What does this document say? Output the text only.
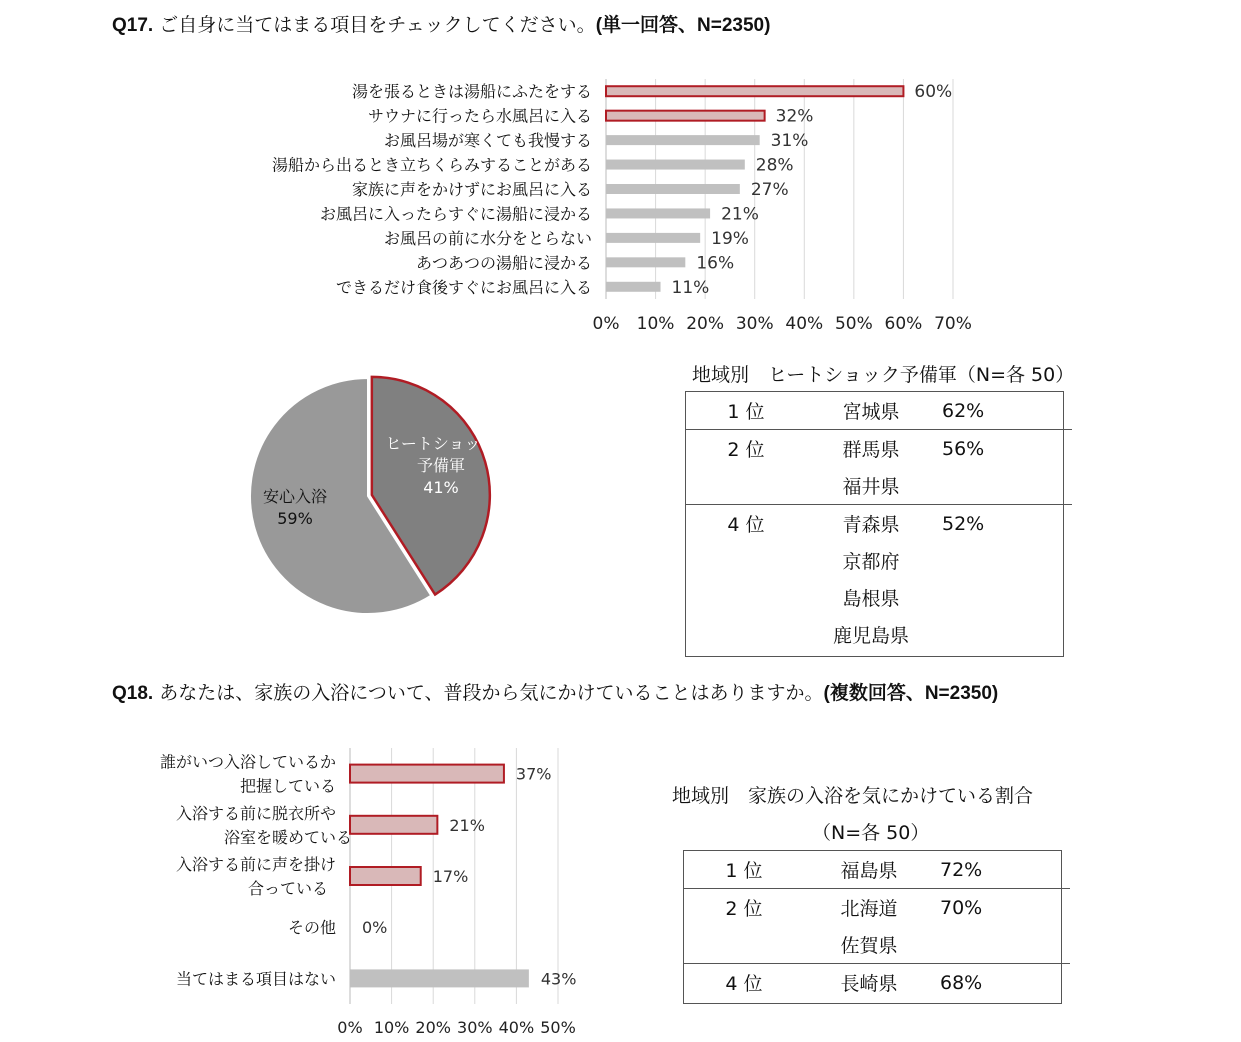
Q17. ご自身に当てはまる項目をチェックしてください。(単一回答、N=2350)
0% 10% 20% 30% 40% 50% 60% 70%
湯を張るときは湯船にふたをする	60%
サウナに行ったら水風呂に入る	32%
お風呂場が寒くても我慢する	31%
湯船から出るとき立ちくらみすることがある	28%
家族に声をかけずにお風呂に入る	27%
お風呂に入ったらすぐに湯船に浸かる	21%
お風呂の前に水分をとらない	19%
あつあつの湯船に浸かる	16%
できるだけ食後すぐにお風呂に入る	11%
ヒートショック
予備軍
41%
安心入浴
59%
地域別　ヒートショック予備軍（N=各 50）
1 位	宮城県	62%
2 位	群馬県	56%
	福井県	
4 位	青森県	52%
	京都府	
	島根県	
	鹿児島県	
Q18. あなたは、家族の入浴について、普段から気にかけていることはありますか。(複数回答、N=2350)
0% 10% 20% 30% 40% 50%
誰がいつ入浴しているか
把握している
37%
入浴する前に脱衣所や
浴室を暖めている
21%
入浴する前に声を掛け
合っている
17%
その他 0%
当てはまる項目はない	43%
地域別　家族の入浴を気にかけている割合
（N=各 50）
1 位	福島県	72%
2 位	北海道	70%
	佐賀県	
4 位	長崎県	68%
